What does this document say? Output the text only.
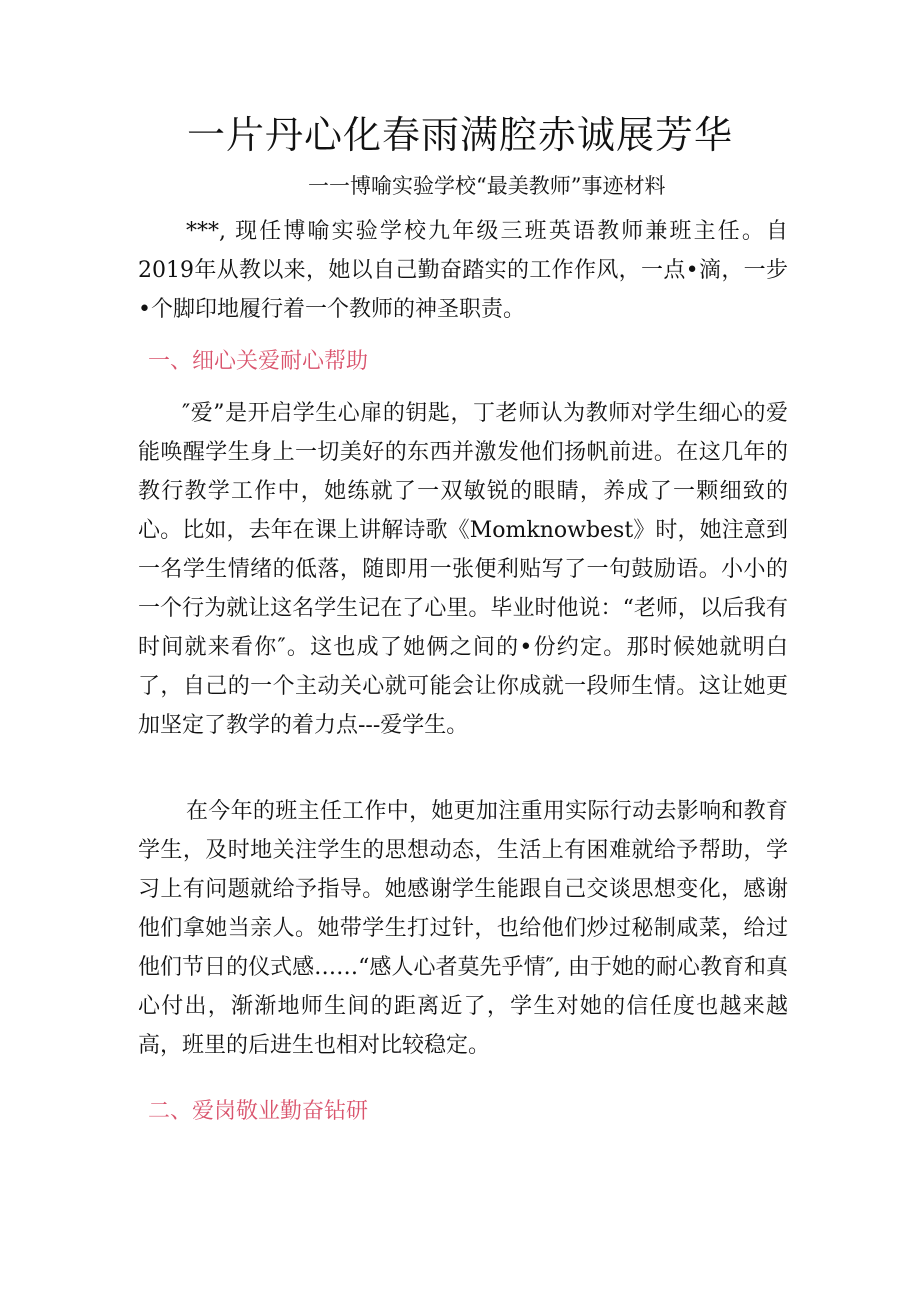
一片丹心化春雨满腔赤诚展芳华

一一博喻实验学校“最美教师”事迹材料

***, 现任博喻实验学校九年级三班英语教师兼班主任。自2019年从教以来，她以自己勤奋踏实的工作作风，一点•滴，一步•个脚印地履行着一个教师的神圣职责。

一、细心关爱耐心帮助

″爱”是开启学生心扉的钥匙，丁老师认为教师对学生细心的爱能唤醒学生身上一切美好的东西并激发他们扬帆前进。在这几年的教行教学工作中，她练就了一双敏锐的眼睛，养成了一颗细致的心。比如，去年在课上讲解诗歌《Momknowbest》时，她注意到一名学生情绪的低落，随即用一张便利贴写了一句鼓励语。小小的一个行为就让这名学生记在了心里。毕业时他说：“老师，以后我有时间就来看你″。这也成了她俩之间的•份约定。那时候她就明白了，自己的一个主动关心就可能会让你成就一段师生情。这让她更加坚定了教学的着力点---爱学生。

在今年的班主任工作中，她更加注重用实际行动去影响和教育学生，及时地关注学生的思想动态，生活上有困难就给予帮助，学习上有问题就给予指导。她感谢学生能跟自己交谈思想变化，感谢他们拿她当亲人。她带学生打过针，也给他们炒过秘制咸菜，给过他们节日的仪式感……“感人心者莫先乎情″, 由于她的耐心教育和真心付出，渐渐地师生间的距离近了，学生对她的信任度也越来越高，班里的后进生也相对比较稳定。

二、爱岗敬业勤奋钻研
